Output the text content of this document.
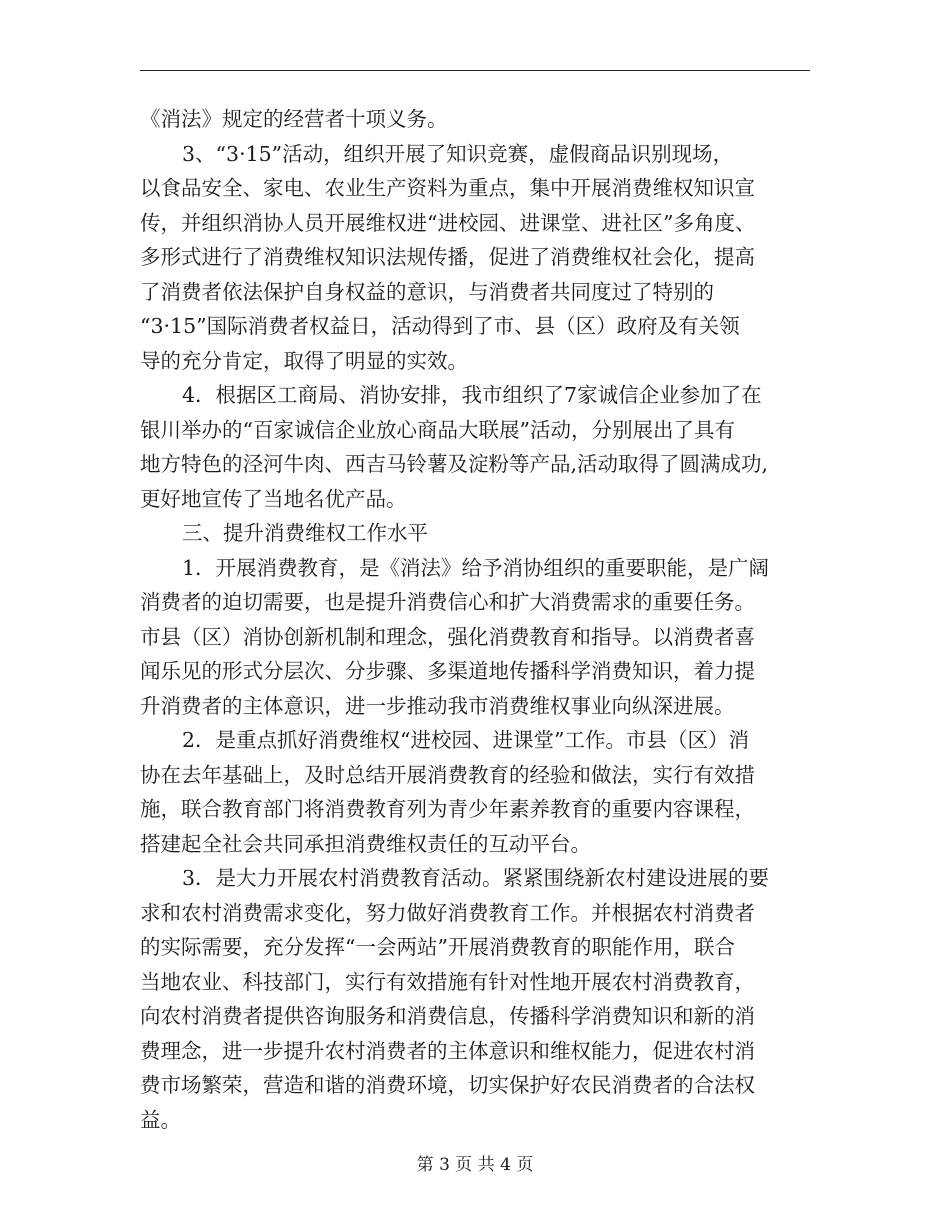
《消法》规定的经营者十项义务。
3、“3·15”活动，组织开展了知识竞赛，虚假商品识别现场，
以食品安全、家电、农业生产资料为重点，集中开展消费维权知识宣
传，并组织消协人员开展维权进“进校园、进课堂、进社区”多角度、
多形式进行了消费维权知识法规传播，促进了消费维权社会化，提高
了消费者依法保护自身权益的意识，与消费者共同度过了特别的
“3·15”国际消费者权益日，活动得到了市、县（区）政府及有关领
导的充分肯定，取得了明显的实效。
4．根据区工商局、消协安排，我市组织了7家诚信企业参加了在
银川举办的“百家诚信企业放心商品大联展”活动，分别展出了具有
地方特色的泾河牛肉、西吉马铃薯及淀粉等产品,活动取得了圆满成功,
更好地宣传了当地名优产品。
三、提升消费维权工作水平
1．开展消费教育，是《消法》给予消协组织的重要职能，是广阔
消费者的迫切需要，也是提升消费信心和扩大消费需求的重要任务。
市县（区）消协创新机制和理念，强化消费教育和指导。以消费者喜
闻乐见的形式分层次、分步骤、多渠道地传播科学消费知识，着力提
升消费者的主体意识，进一步推动我市消费维权事业向纵深进展。
2．是重点抓好消费维权“进校园、进课堂”工作。市县（区）消
协在去年基础上，及时总结开展消费教育的经验和做法，实行有效措
施，联合教育部门将消费教育列为青少年素养教育的重要内容课程，
搭建起全社会共同承担消费维权责任的互动平台。
3．是大力开展农村消费教育活动。紧紧围绕新农村建设进展的要
求和农村消费需求变化，努力做好消费教育工作。并根据农村消费者
的实际需要，充分发挥“一会两站”开展消费教育的职能作用，联合
当地农业、科技部门，实行有效措施有针对性地开展农村消费教育，
向农村消费者提供咨询服务和消费信息，传播科学消费知识和新的消
费理念，进一步提升农村消费者的主体意识和维权能力，促进农村消
费市场繁荣，营造和谐的消费环境，切实保护好农民消费者的合法权
益。
第 3 页 共 4 页
